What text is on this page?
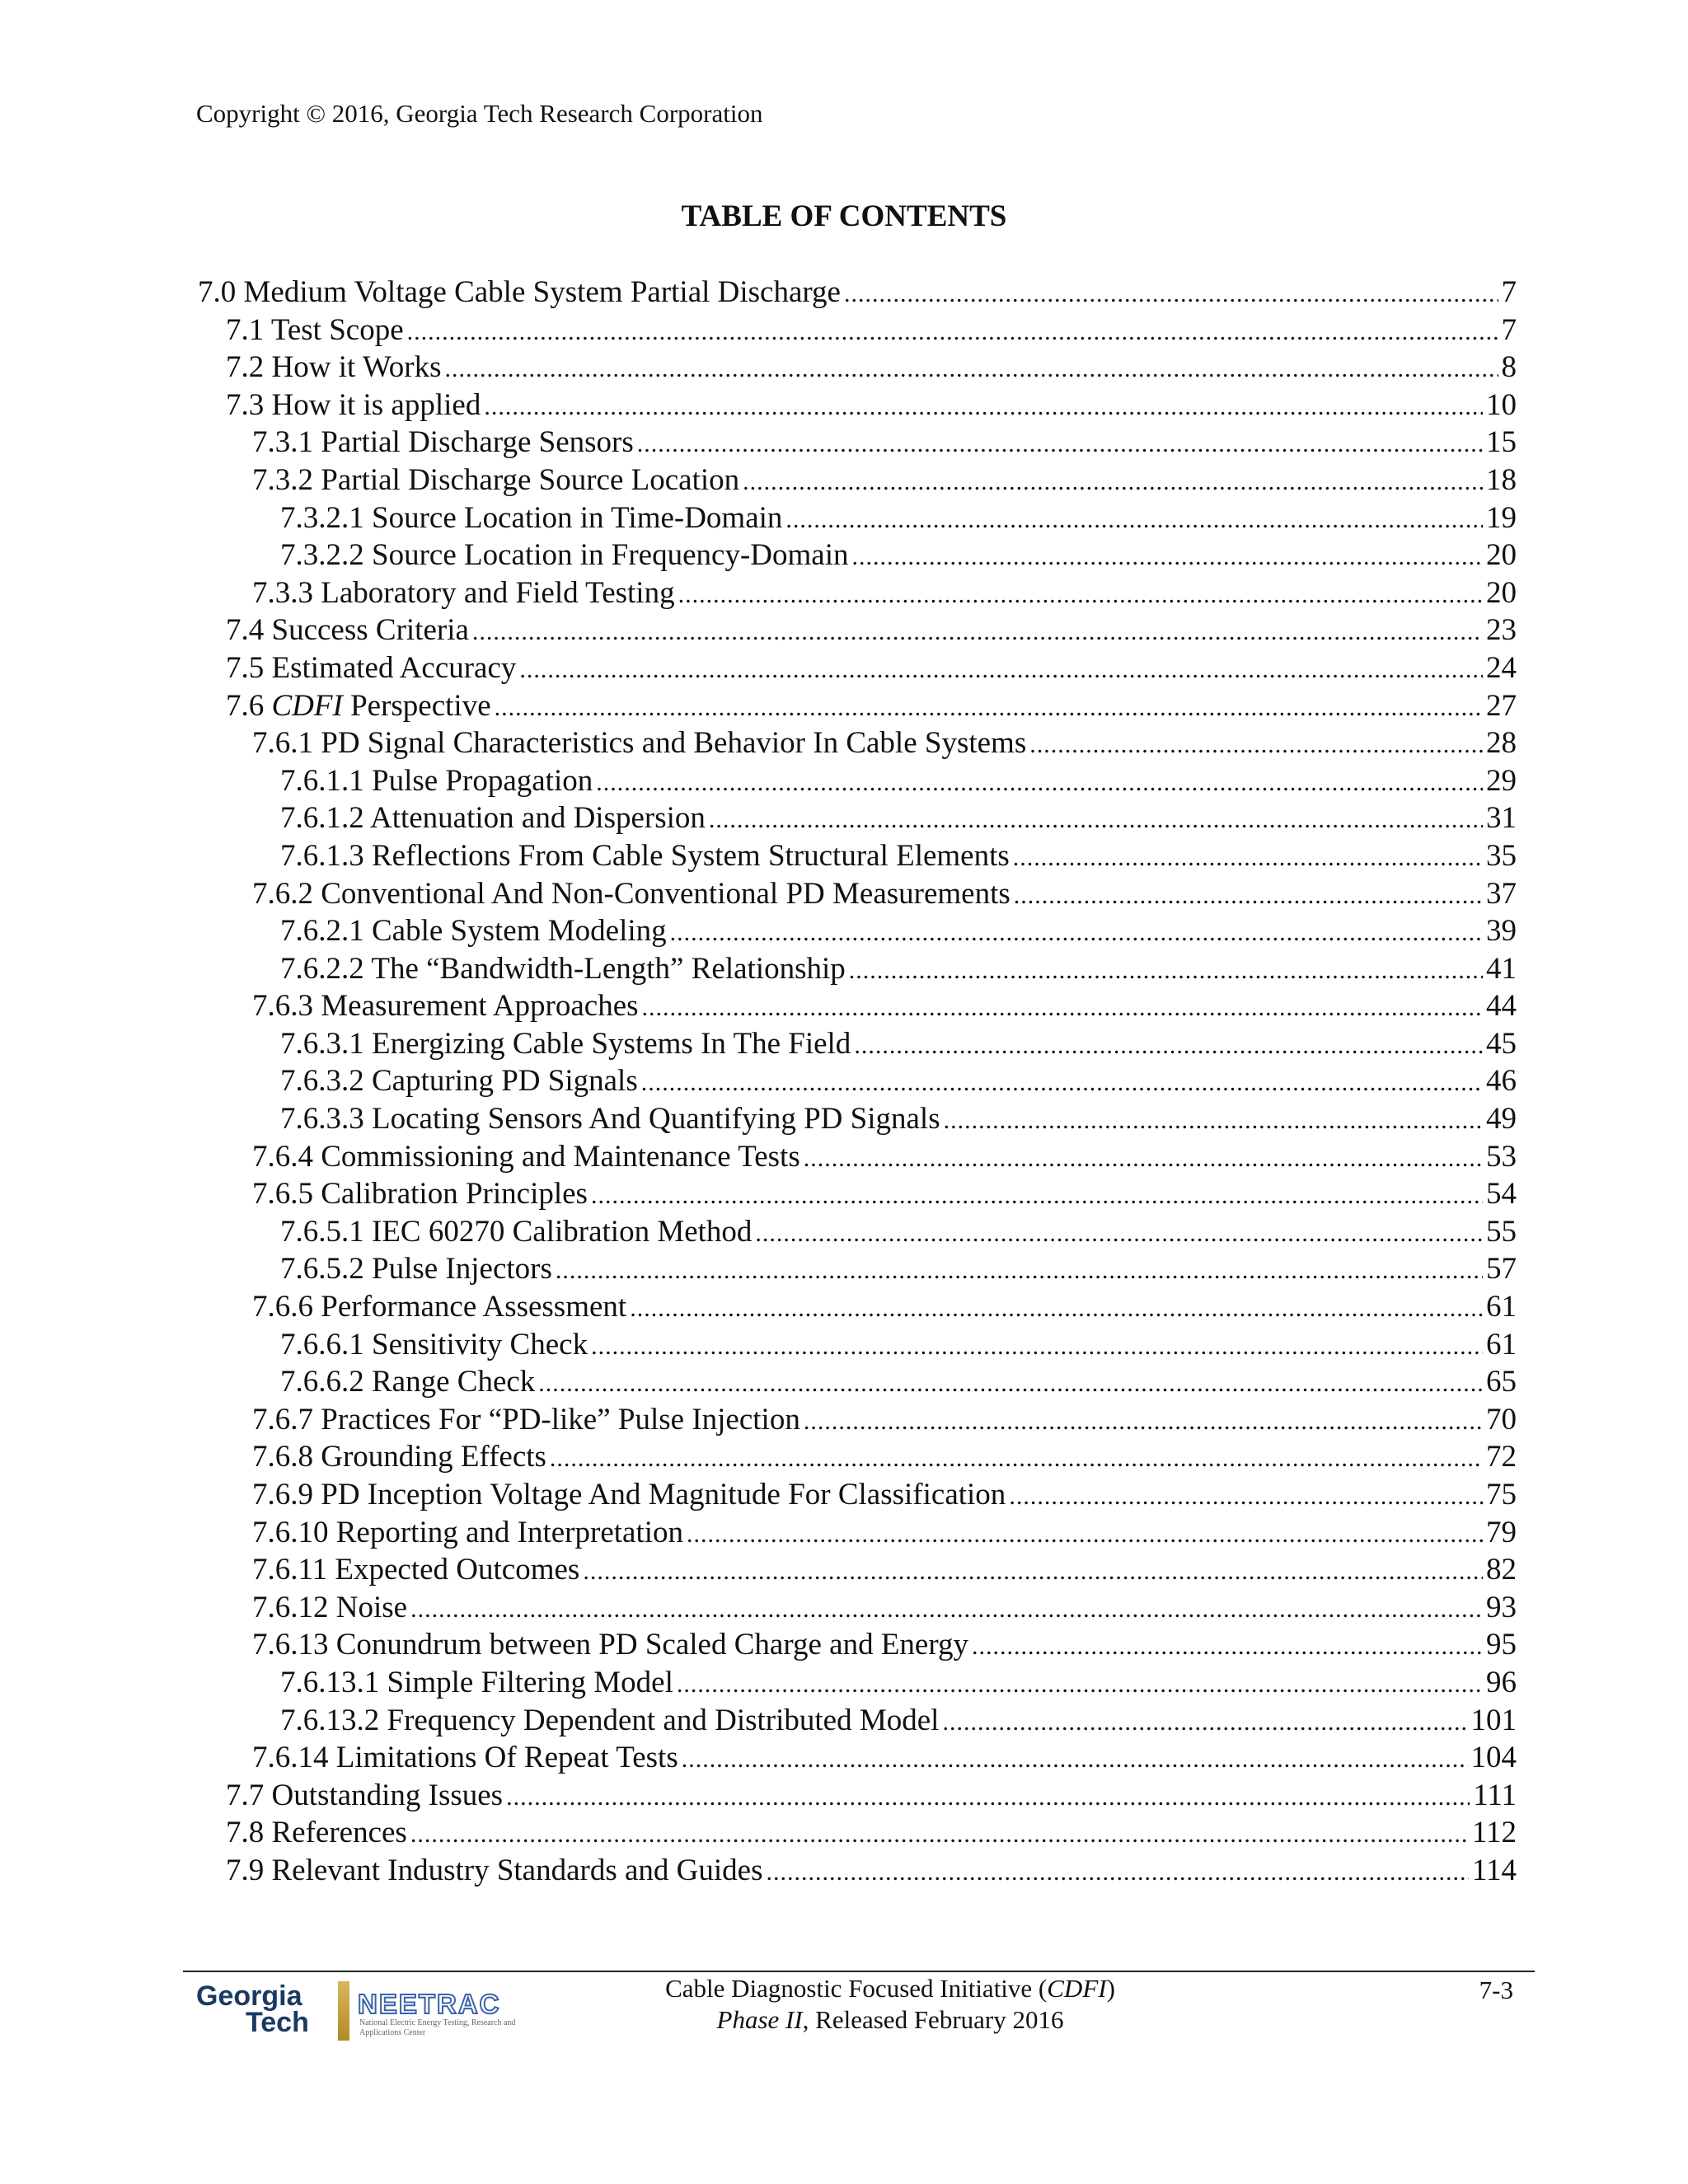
Copyright © 2016, Georgia Tech Research Corporation
TABLE OF CONTENTS
7.0 Medium Voltage Cable System Partial Discharge .....	7
7.1 Test Scope .....	7
7.2 How it Works .....	8
7.3 How it is applied .....	10
7.3.1 Partial Discharge Sensors .....	15
7.3.2 Partial Discharge Source Location .....	18
7.3.2.1 Source Location in Time-Domain .....	19
7.3.2.2 Source Location in Frequency-Domain .....	20
7.3.3 Laboratory and Field Testing .....	20
7.4 Success Criteria .....	23
7.5 Estimated Accuracy .....	24
7.6 CDFI Perspective .....	27
7.6.1 PD Signal Characteristics and Behavior In Cable Systems .....	28
7.6.1.1 Pulse Propagation .....	29
7.6.1.2 Attenuation and Dispersion .....	31
7.6.1.3 Reflections From Cable System Structural Elements .....	35
7.6.2 Conventional And Non-Conventional PD Measurements .....	37
7.6.2.1 Cable System Modeling .....	39
7.6.2.2 The “Bandwidth-Length” Relationship .....	41
7.6.3 Measurement Approaches .....	44
7.6.3.1 Energizing Cable Systems In The Field .....	45
7.6.3.2 Capturing PD Signals .....	46
7.6.3.3 Locating Sensors And Quantifying PD Signals .....	49
7.6.4 Commissioning and Maintenance Tests .....	53
7.6.5 Calibration Principles .....	54
7.6.5.1 IEC 60270 Calibration Method .....	55
7.6.5.2 Pulse Injectors .....	57
7.6.6 Performance Assessment .....	61
7.6.6.1 Sensitivity Check .....	61
7.6.6.2 Range Check .....	65
7.6.7 Practices For “PD-like” Pulse Injection .....	70
7.6.8 Grounding Effects .....	72
7.6.9 PD Inception Voltage And Magnitude For Classification .....	75
7.6.10 Reporting and Interpretation .....	79
7.6.11 Expected Outcomes .....	82
7.6.12 Noise .....	93
7.6.13 Conundrum between PD Scaled Charge and Energy .....	95
7.6.13.1 Simple Filtering Model .....	96
7.6.13.2 Frequency Dependent and Distributed Model .....	101
7.6.14 Limitations Of Repeat Tests .....	104
7.7 Outstanding Issues .....	111
7.8 References .....	112
7.9 Relevant Industry Standards and Guides .....	114
Georgia
Tech
NEETRAC
National Electric Energy Testing, Research and Applications Center
Cable Diagnostic Focused Initiative (CDFI)
Phase II, Released February 2016
7-3
